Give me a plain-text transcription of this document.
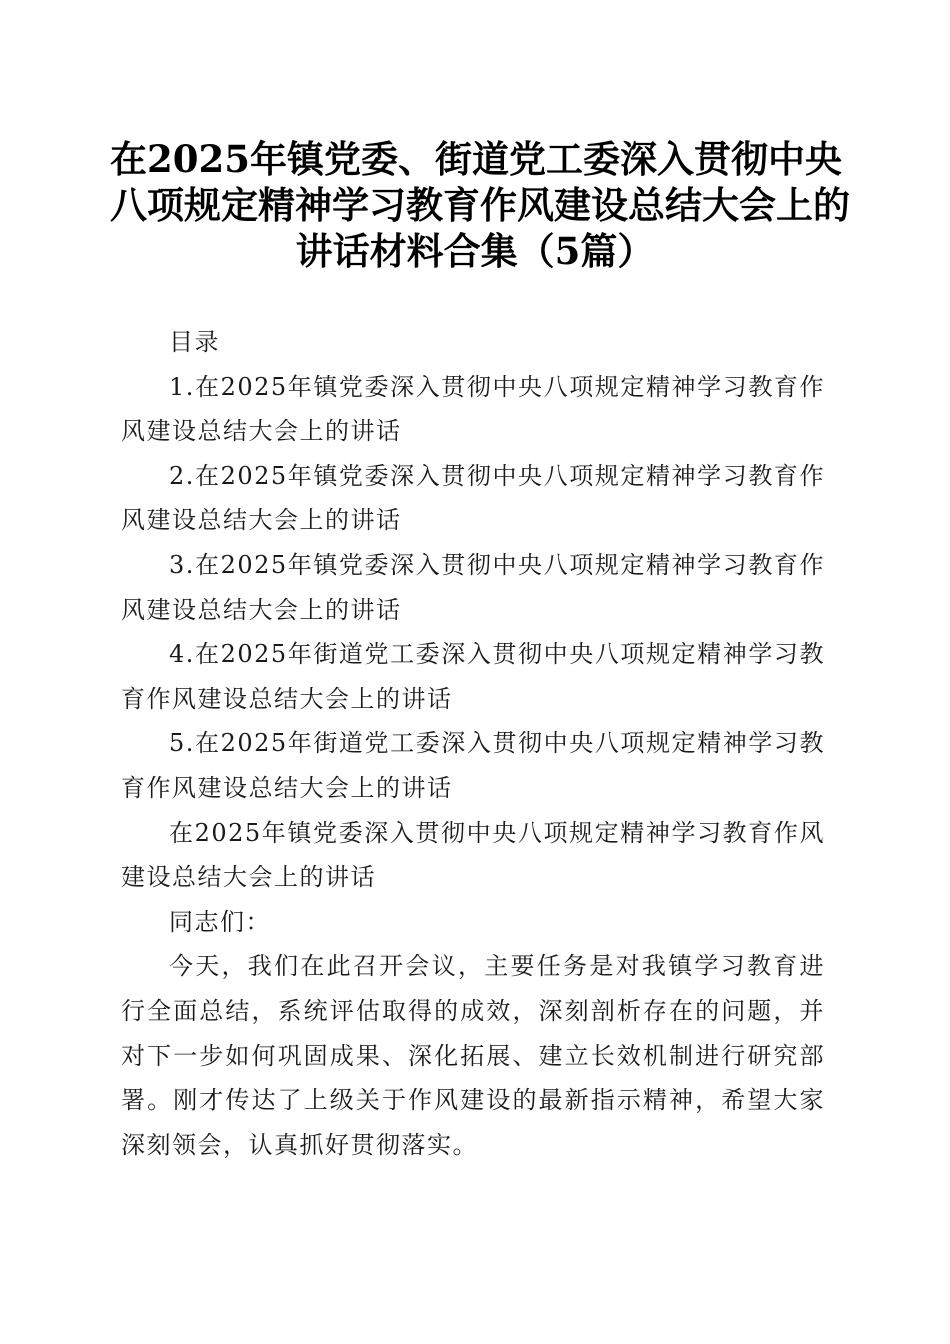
在2025年镇党委、街道党工委深入贯彻中央
八项规定精神学习教育作风建设总结大会上的
讲话材料合集（5篇）

目录

1.在2025年镇党委深入贯彻中央八项规定精神学习教育作风建设总结大会上的讲话

2.在2025年镇党委深入贯彻中央八项规定精神学习教育作风建设总结大会上的讲话

3.在2025年镇党委深入贯彻中央八项规定精神学习教育作风建设总结大会上的讲话

4.在2025年街道党工委深入贯彻中央八项规定精神学习教育作风建设总结大会上的讲话

5.在2025年街道党工委深入贯彻中央八项规定精神学习教育作风建设总结大会上的讲话

在2025年镇党委深入贯彻中央八项规定精神学习教育作风建设总结大会上的讲话

同志们：

今天，我们在此召开会议，主要任务是对我镇学习教育进行全面总结，系统评估取得的成效，深刻剖析存在的问题，并对下一步如何巩固成果、深化拓展、建立长效机制进行研究部署。刚才传达了上级关于作风建设的最新指示精神，希望大家深刻领会，认真抓好贯彻落实。
